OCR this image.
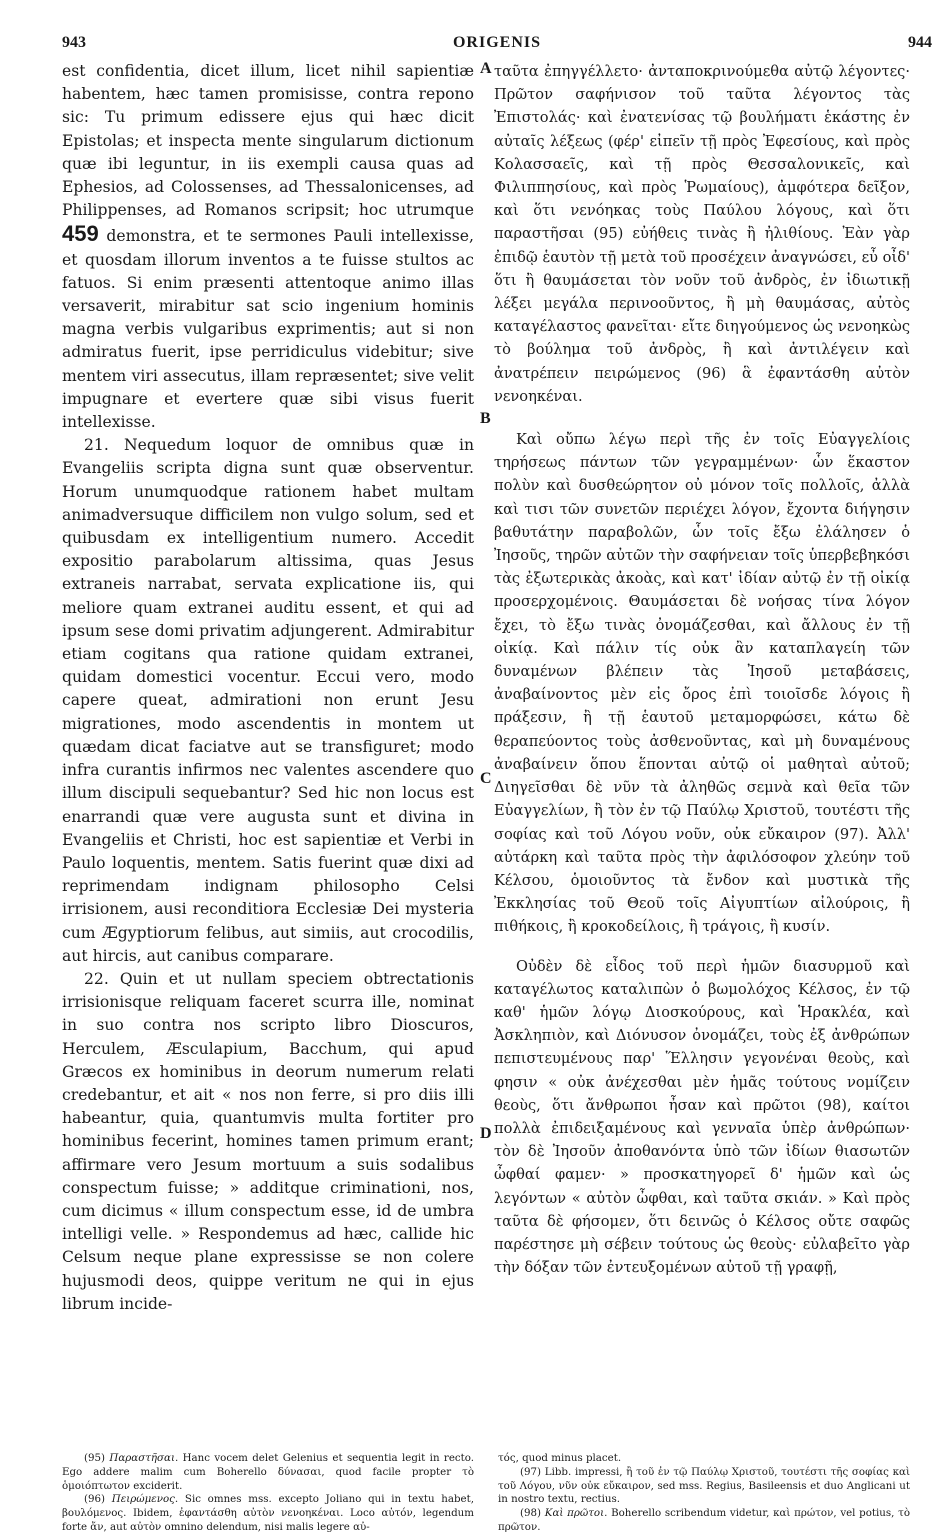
943	ORIGENIS	944

est confidentia, dicet illum, licet nihil sapientiæ habentem, hæc tamen promisisse, contra repono sic: Tu primum edissere ejus qui hæc dicit Epistolas; et inspecta mente singularum dictionum quæ ibi leguntur, in iis exempli causa quas ad Ephesios, ad Colossenses, ad Thessalonicenses, ad Philippenses, ad Romanos scripsit; hoc utrumque 459 demonstra, et te sermones Pauli intellexisse, et quosdam illorum inventos a te fuisse stultos ac fatuos. Si enim præsenti attentoque animo illas versaverit, mirabitur sat scio ingenium hominis magna verbis vulgaribus exprimentis; aut si non admiratus fuerit, ipse perridiculus videbitur; sive mentem viri assecutus, illam repræsentet; sive velit impugnare et evertere quæ sibi visus fuerit intellexisse.

21. Nequedum loquor de omnibus quæ in Evangeliis scripta digna sunt quæ observentur. Horum unumquodque rationem habet multam animadversuque difficilem non vulgo solum, sed et quibusdam ex intelligentium numero. Accedit expositio parabolarum altissima, quas Jesus extraneis narrabat, servata explicatione iis, qui meliore quam extranei auditu essent, et qui ad ipsum sese domi privatim adjungerent. Admirabitur etiam cogitans qua ratione quidam extranei, quidam domestici vocentur. Eccui vero, modo capere queat, admirationi non erunt Jesu migrationes, modo ascendentis in montem ut quædam dicat faciatve aut se transfiguret; modo infra curantis infirmos nec valentes ascendere quo illum discipuli sequebantur? Sed hic non locus est enarrandi quæ vere augusta sunt et divina in Evangeliis et Christi, hoc est sapientiæ et Verbi in Paulo loquentis, mentem. Satis fuerint quæ dixi ad reprimendam indignam philosopho Celsi irrisionem, ausi reconditiora Ecclesiæ Dei mysteria cum Ægyptiorum felibus, aut simiis, aut crocodilis, aut hircis, aut canibus comparare.

22. Quin et ut nullam speciem obtrectationis irrisionisque reliquam faceret scurra ille, nominat in suo contra nos scripto libro Dioscuros, Herculem, Æsculapium, Bacchum, qui apud Græcos ex hominibus in deorum numerum relati credebantur, et ait « nos non ferre, si pro diis illi habeantur, quia, quantumvis multa fortiter pro hominibus fecerint, homines tamen primum erant; affirmare vero Jesum mortuum a suis sodalibus conspectum fuisse; » additque criminationi, nos, cum dicimus « illum conspectum esse, id de umbra intelligi velle. » Respondemus ad hæc, callide hic Celsum neque plane expressisse se non colere hujusmodi deos, quippe veritum ne qui in ejus librum incide-

A
B
C
D

ταῦτα ἐπηγγέλλετο· ἀνταποκρινούμεθα αὐτῷ λέγοντες· Πρῶτον σαφήνισον τοῦ ταῦτα λέγοντος τὰς Ἐπιστολάς· καὶ ἐνατενίσας τῷ βουλήματι ἑκάστης ἐν αὐταῖς λέξεως (φέρ' εἰπεῖν τῇ πρὸς Ἐφεσίους, καὶ πρὸς Κολασσαεῖς, καὶ τῇ πρὸς Θεσσαλονικεῖς, καὶ Φιλιππησίους, καὶ πρὸς Ῥωμαίους), ἀμφότερα δεῖξον, καὶ ὅτι νενόηκας τοὺς Παύλου λόγους, καὶ ὅτι παραστῆσαι (95) εὐήθεις τινὰς ἢ ἠλιθίους. Ἐὰν γὰρ ἐπιδῷ ἑαυτὸν τῇ μετὰ τοῦ προσέχειν ἀναγνώσει, εὖ οἶδ' ὅτι ἢ θαυμάσεται τὸν νοῦν τοῦ ἀνδρὸς, ἐν ἰδιωτικῇ λέξει μεγάλα περινοοῦντος, ἢ μὴ θαυμάσας, αὐτὸς καταγέλαστος φανεῖται· εἴτε διηγούμενος ὡς νενοηκὼς τὸ βούλημα τοῦ ἀνδρὸς, ἢ καὶ ἀντιλέγειν καὶ ἀνατρέπειν πειρώμενος (96) ἃ ἐφαντάσθη αὐτὸν νενοηκέναι.

Καὶ οὔπω λέγω περὶ τῆς ἐν τοῖς Εὐαγγελίοις τηρήσεως πάντων τῶν γεγραμμένων· ὧν ἕκαστον πολὺν καὶ δυσθεώρητον οὐ μόνον τοῖς πολλοῖς, ἀλλὰ καὶ τισι τῶν συνετῶν περιέχει λόγον, ἔχοντα διήγησιν βαθυτάτην παραβολῶν, ὧν τοῖς ἔξω ἐλάλησεν ὁ Ἰησοῦς, τηρῶν αὐτῶν τὴν σαφήνειαν τοῖς ὑπερβεβηκόσι τὰς ἐξωτερικὰς ἀκοὰς, καὶ κατ' ἰδίαν αὐτῷ ἐν τῇ οἰκίᾳ προσερχομένοις. Θαυμάσεται δὲ νοήσας τίνα λόγον ἔχει, τὸ ἔξω τινὰς ὀνομάζεσθαι, καὶ ἄλλους ἐν τῇ οἰκίᾳ. Καὶ πάλιν τίς οὐκ ἂν καταπλαγείη τῶν δυναμένων βλέπειν τὰς Ἰησοῦ μεταβάσεις, ἀναβαίνοντος μὲν εἰς ὄρος ἐπὶ τοιοῖσδε λόγοις ἢ πράξεσιν, ἢ τῇ ἑαυτοῦ μεταμορφώσει, κάτω δὲ θεραπεύοντος τοὺς ἀσθενοῦντας, καὶ μὴ δυναμένους ἀναβαίνειν ὅπου ἕπονται αὐτῷ οἱ μαθηταὶ αὐτοῦ; Διηγεῖσθαι δὲ νῦν τὰ ἀληθῶς σεμνὰ καὶ θεῖα τῶν Εὐαγγελίων, ἢ τὸν ἐν τῷ Παύλῳ Χριστοῦ, τουτέστι τῆς σοφίας καὶ τοῦ Λόγου νοῦν, οὐκ εὔκαιρον (97). Ἀλλ' αὐτάρκη καὶ ταῦτα πρὸς τὴν ἀφιλόσοφον χλεύην τοῦ Κέλσου, ὁμοιοῦντος τὰ ἔνδον καὶ μυστικὰ τῆς Ἐκκλησίας τοῦ Θεοῦ τοῖς Αἰγυπτίων αἰλούροις, ἢ πιθήκοις, ἢ κροκοδείλοις, ἢ τράγοις, ἢ κυσίν.

Οὐδὲν δὲ εἶδος τοῦ περὶ ἡμῶν διασυρμοῦ καὶ καταγέλωτος καταλιπὼν ὁ βωμολόχος Κέλσος, ἐν τῷ καθ' ἡμῶν λόγῳ Διοσκούρους, καὶ Ἡρακλέα, καὶ Ἀσκληπιὸν, καὶ Διόνυσον ὀνομάζει, τοὺς ἐξ ἀνθρώπων πεπιστευμένους παρ' Ἕλλησιν γεγονέναι θεοὺς, καὶ φησιν « οὐκ ἀνέχεσθαι μὲν ἡμᾶς τούτους νομίζειν θεοὺς, ὅτι ἄνθρωποι ἦσαν καὶ πρῶτοι (98), καίτοι πολλὰ ἐπιδειξαμένους καὶ γενναῖα ὑπὲρ ἀνθρώπων· τὸν δὲ Ἰησοῦν ἀποθανόντα ὑπὸ τῶν ἰδίων θιασωτῶν ὦφθαί φαμεν· » προσκατηγορεῖ δ' ἡμῶν καὶ ὡς λεγόντων « αὐτὸν ὦφθαι, καὶ ταῦτα σκιάν. » Καὶ πρὸς ταῦτα δὲ φήσομεν, ὅτι δεινῶς ὁ Κέλσος οὔτε σαφῶς παρέστησε μὴ σέβειν τούτους ὡς θεοὺς· εὐλαβεῖτο γὰρ τὴν δόξαν τῶν ἐντευξομένων αὐτοῦ τῇ γραφῇ,

(95) Παραστῆσαι. Hanc vocem delet Gelenius et sequentia legit in recto. Ego addere malim cum Boherello δύνασαι, quod facile propter τὸ ὁμοιόπτωτον exciderit.

(96) Πειρώμενος. Sic omnes mss. excepto Joliano qui in textu habet, βουλόμενος. Ibidem, ἐφαντάσθη αὐτὸν νενοηκέναι. Loco αὐτόν, legendum forte ἄν, aut αὐτὸν omnino delendum, nisi malis legere αὐ-

τός, quod minus placet.

(97) Libb. impressi, ἢ τοῦ ἐν τῷ Παύλῳ Χριστοῦ, τουτέστι τῆς σοφίας καὶ τοῦ Λόγου, νῦν οὐκ εὔκαιρον, sed mss. Regius, Basileensis et duo Anglicani ut in nostro textu, rectius.

(98) Καὶ πρῶτοι. Boherello scribendum videtur, καὶ πρώτον, vel potius, τὸ πρῶτον.
